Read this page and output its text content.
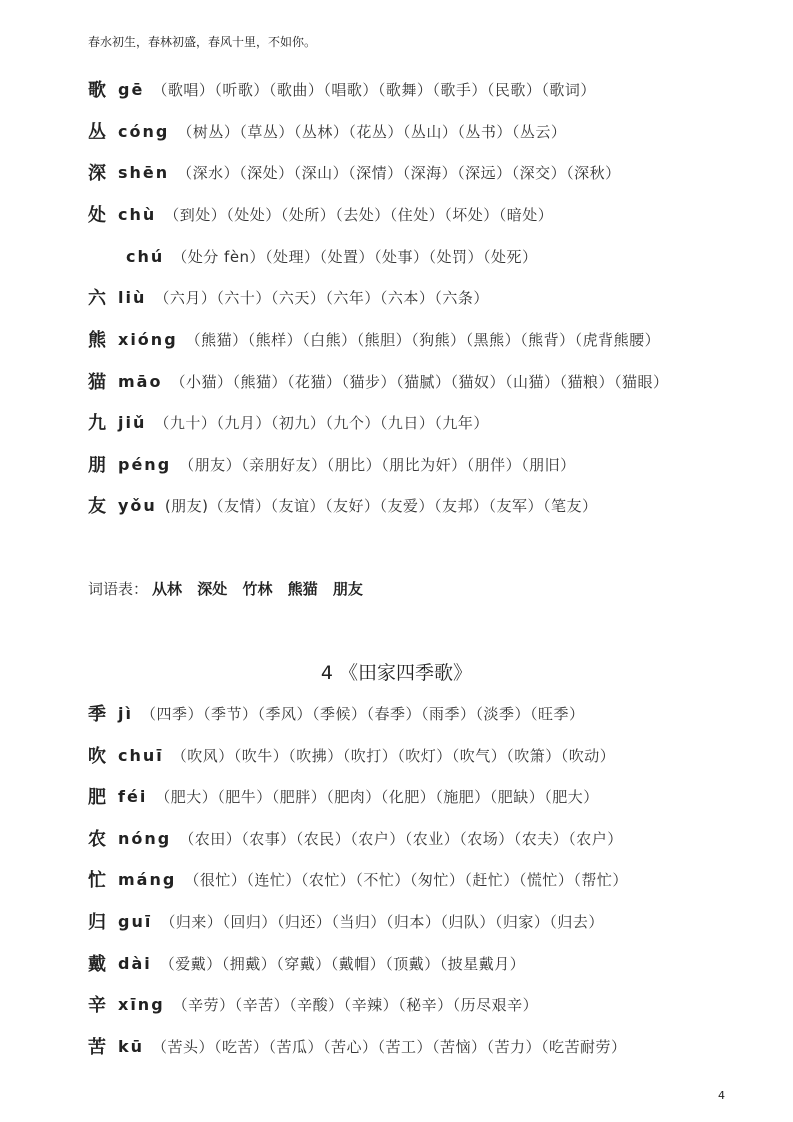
春水初生，春林初盛，春风十里，不如你。
歌 gē （歌唱）（听歌）（歌曲）（唱歌）（歌舞）（歌手）（民歌）（歌词）
丛 cóng （树丛）（草丛）（丛林）（花丛）（丛山）（丛书）（丛云）
深 shēn （深水）（深处）（深山）（深情）（深海）（深远）（深交）（深秋）
处 chù （到处）（处处）（处所）（去处）（住处）（坏处）（暗处）
chú （处分 fèn）（处理）（处置）（处事）（处罚）（处死）
六 liù （六月）（六十）（六天）（六年）（六本）（六条）
熊 xióng （熊猫）（熊样）（白熊）（熊胆）（狗熊）（黑熊）（熊背）（虎背熊腰）
猫 māo （小猫）（熊猫）（花猫）（猫步）（猫腻）（猫奴）（山猫）（猫粮）（猫眼）
九 jiǔ （九十）（九月）（初九）（九个）（九日）（九年）
朋 péng （朋友）（亲朋好友）（朋比）（朋比为奸）（朋伴）（朋旧）
友 yǒu (朋友)（友情）（友谊）（友好）（友爱）（友邦）（友军）（笔友）
词语表： 从林 深处 竹林 熊猫 朋友
4 《田家四季歌》
季 jì （四季）（季节）（季风）（季候）（春季）（雨季）（淡季）（旺季）
吹 chuī （吹风）（吹牛）（吹拂）（吹打）（吹灯）（吹气）（吹箫）（吹动）
肥 féi （肥大）（肥牛）（肥胖）（肥肉）（化肥）（施肥）（肥缺）（肥大）
农 nóng （农田）（农事）（农民）（农户）（农业）（农场）（农夫）（农户）
忙 máng （很忙）（连忙）（农忙）（不忙）（匆忙）（赶忙）（慌忙）（帮忙）
归 guī （归来）（回归）（归还）（当归）（归本）（归队）（归家）（归去）
戴 dài （爱戴）（拥戴）（穿戴）（戴帽）（顶戴）（披星戴月）
辛 xīng （辛劳）（辛苦）（辛酸）（辛辣）（秘辛）（历尽艰辛）
苦 kū （苦头）（吃苦）（苦瓜）（苦心）（苦工）（苦恼）（苦力）（吃苦耐劳）
4
